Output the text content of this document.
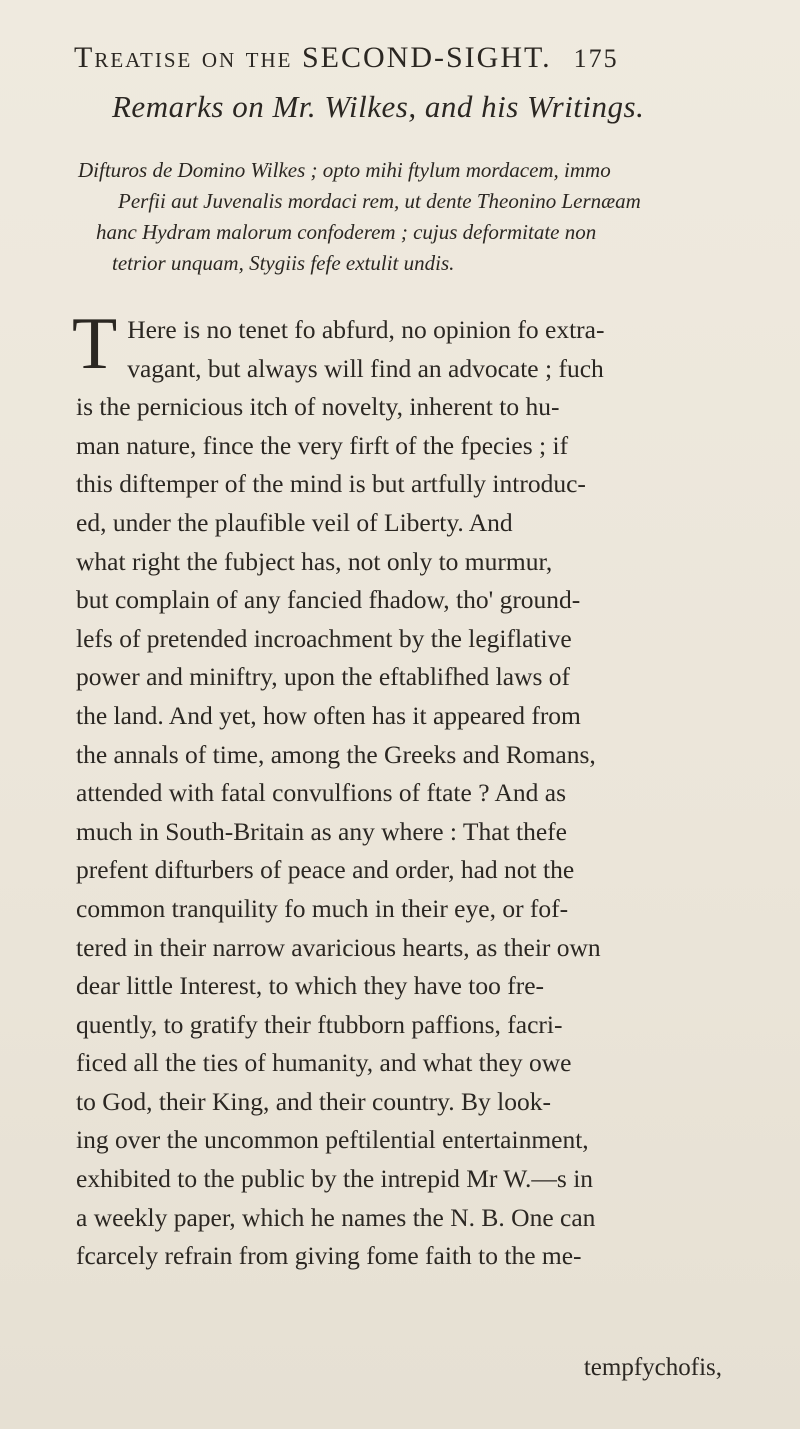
Treatise on the SECOND-SIGHT. 175
Remarks on Mr. Wilkes, and his Writings.
Difturos de Domino Wilkes ; opto mihi ftylum mordacem, immo
Perfii aut Juvenalis mordaci rem, ut dente Theonino Lernæam
hanc Hydram malorum confoderem ; cujus deformitate non
tetrior unquam, Stygiis fefe extulit undis.
T Here is no tenet fo abfurd, no opinion fo extra-
vagant, but always will find an advocate ; fuch
is the pernicious itch of novelty, inherent to hu-
man nature, fince the very firft of the fpecies ; if
this diftemper of the mind is but artfully introduc-
ed, under the plaufible veil of Liberty. And
what right the fubject has, not only to murmur,
but complain of any fancied fhadow, tho' ground-
lefs of pretended incroachment by the legiflative
power and miniftry, upon the eftablifhed laws of
the land. And yet, how often has it appeared from
the annals of time, among the Greeks and Romans,
attended with fatal convulfions of ftate ? And as
much in South-Britain as any where : That thefe
prefent difturbers of peace and order, had not the
common tranquility fo much in their eye, or fof-
tered in their narrow avaricious hearts, as their own
dear little Interest, to which they have too fre-
quently, to gratify their ftubborn paffions, facri-
ficed all the ties of humanity, and what they owe
to God, their King, and their country. By look-
ing over the uncommon peftilential entertainment,
exhibited to the public by the intrepid Mr W.—s in
a weekly paper, which he names the N. B. One can
fcarcely refrain from giving fome faith to the me-
tempfychofis,
